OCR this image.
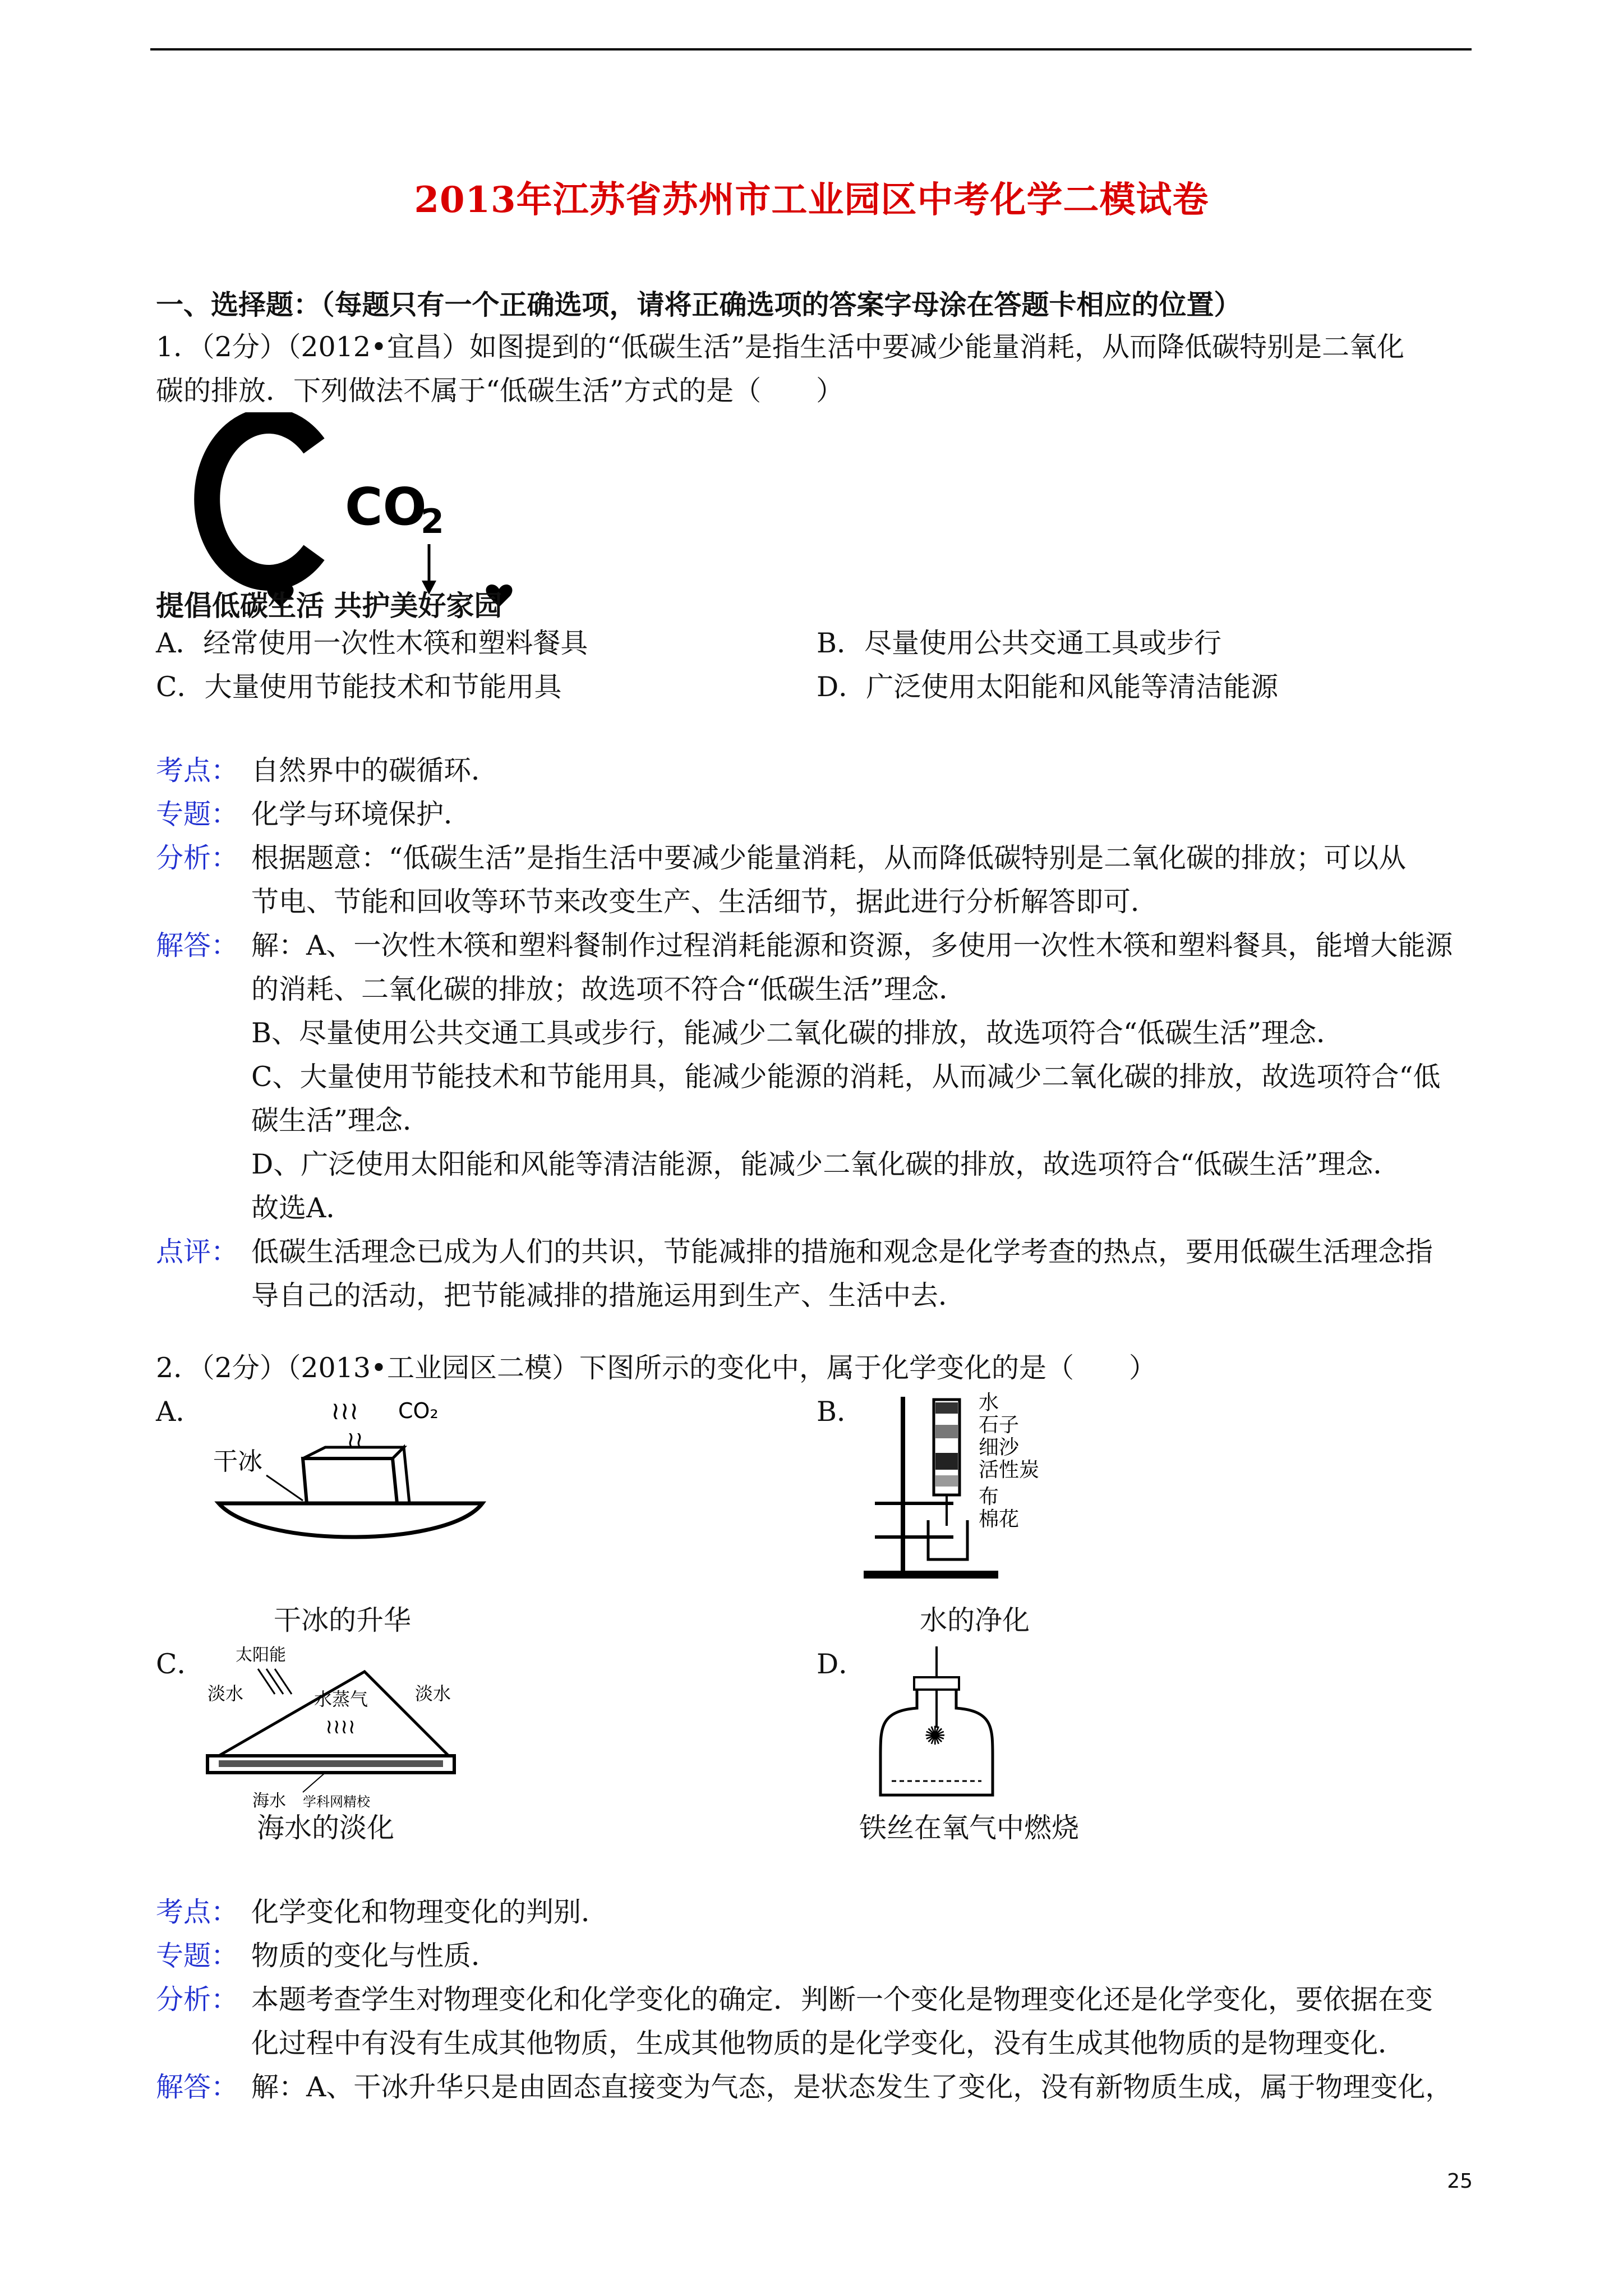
2013年江苏省苏州市工业园区中考化学二模试卷
一、选择题：（每题只有一个正确选项，请将正确选项的答案字母涂在答题卡相应的位置）
1．（2分）（2012•宜昌）如图提到的“低碳生活”是指生活中要减少能量消耗，从而降低碳特别是二氧化
碳的排放．下列做法不属于“低碳生活”方式的是（　　）
CO
2
提倡低碳生活 共护美好家园
A．经常使用一次性木筷和塑料餐具	B．尽量使用公共交通工具或步行
C．大量使用节能技术和节能用具	D．广泛使用太阳能和风能等清洁能源
考点： 自然界中的碳循环．
专题： 化学与环境保护．
分析： 根据题意：“低碳生活”是指生活中要减少能量消耗，从而降低碳特别是二氧化碳的排放；可以从
节电、节能和回收等环节来改变生产、生活细节，据此进行分析解答即可．
解答： 解：A、一次性木筷和塑料餐制作过程消耗能源和资源，多使用一次性木筷和塑料餐具，能增大能源
的消耗、二氧化碳的排放；故选项不符合“低碳生活”理念．
B、尽量使用公共交通工具或步行，能减少二氧化碳的排放，故选项符合“低碳生活”理念．
C、大量使用节能技术和节能用具，能减少能源的消耗，从而减少二氧化碳的排放，故选项符合“低
碳生活”理念．
D、广泛使用太阳能和风能等清洁能源，能减少二氧化碳的排放，故选项符合“低碳生活”理念．
故选A．
点评： 低碳生活理念已成为人们的共识，节能减排的措施和观念是化学考查的热点，要用低碳生活理念指
导自己的活动，把节能减排的措施运用到生产、生活中去．
2．（2分）（2013•工业园区二模）下图所示的变化中，属于化学变化的是（　　）
A．	≀≀≀ CO₂
≀≀
干冰
干冰的升华
B．	水
石子
细沙
活性炭
布
棉花
水的净化
C． 太阳能
淡水	水蒸气	淡水
≀≀≀≀
海水 学科网精校
海水的淡化
D．
✺
铁丝在氧气中燃烧
考点： 化学变化和物理变化的判别．
专题： 物质的变化与性质．
分析： 本题考查学生对物理变化和化学变化的确定．判断一个变化是物理变化还是化学变化，要依据在变
化过程中有没有生成其他物质，生成其他物质的是化学变化，没有生成其他物质的是物理变化．
解答： 解：A、干冰升华只是由固态直接变为气态，是状态发生了变化，没有新物质生成，属于物理变化，
25
